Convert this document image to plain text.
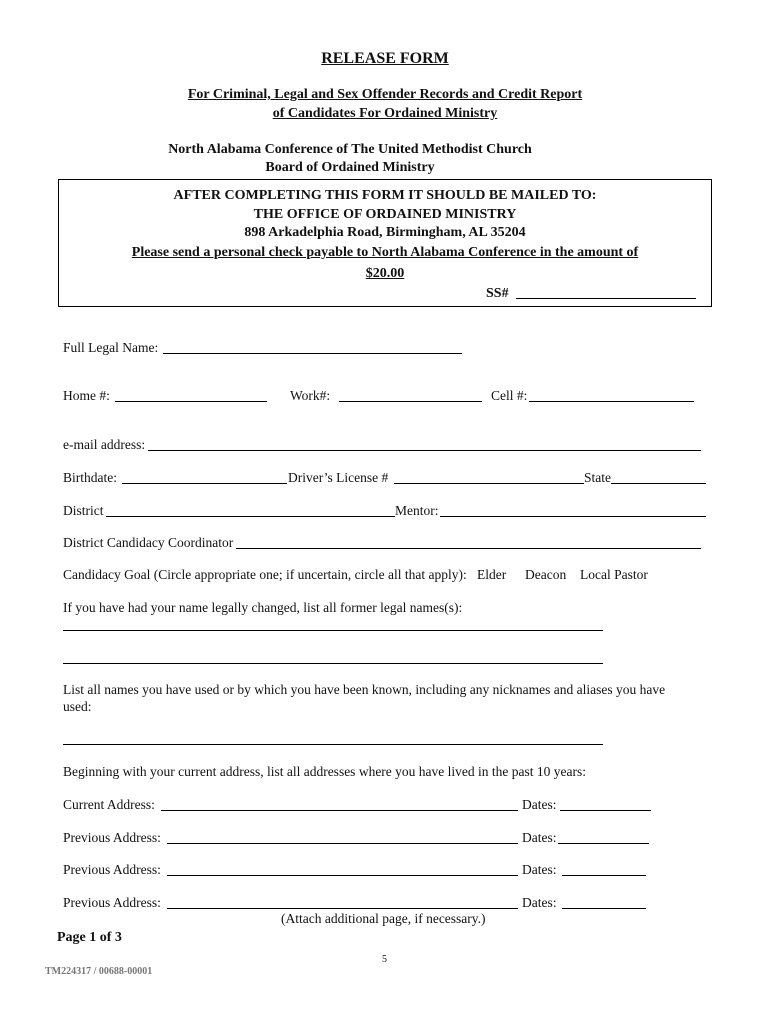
RELEASE FORM
For Criminal, Legal and Sex Offender Records and Credit Report
of Candidates For Ordained Ministry
North Alabama Conference of The United Methodist Church
Board of Ordained Ministry
AFTER COMPLETING THIS FORM IT SHOULD BE MAILED TO:
THE OFFICE OF ORDAINED MINISTRY
898 Arkadelphia Road, Birmingham, AL 35204
Please send a personal check payable to North Alabama Conference in the amount of
$20.00
SS#
Full Legal Name:
Home #:	Work#:	Cell #:
e-mail address:
Birthdate:	Driver’s License #	State
District	Mentor:
District Candidacy Coordinator
Candidacy Goal (Circle appropriate one; if uncertain, circle all that apply): Elder Deacon Local Pastor
If you have had your name legally changed, list all former legal names(s):
List all names you have used or by which you have been known, including any nicknames and aliases you have
used:
Beginning with your current address, list all addresses where you have lived in the past 10 years:
Current Address:	Dates:
Previous Address:	Dates:
Previous Address:	Dates:
Previous Address:	Dates:
(Attach additional page, if necessary.)
Page 1 of 3
5
TM224317 / 00688-00001
